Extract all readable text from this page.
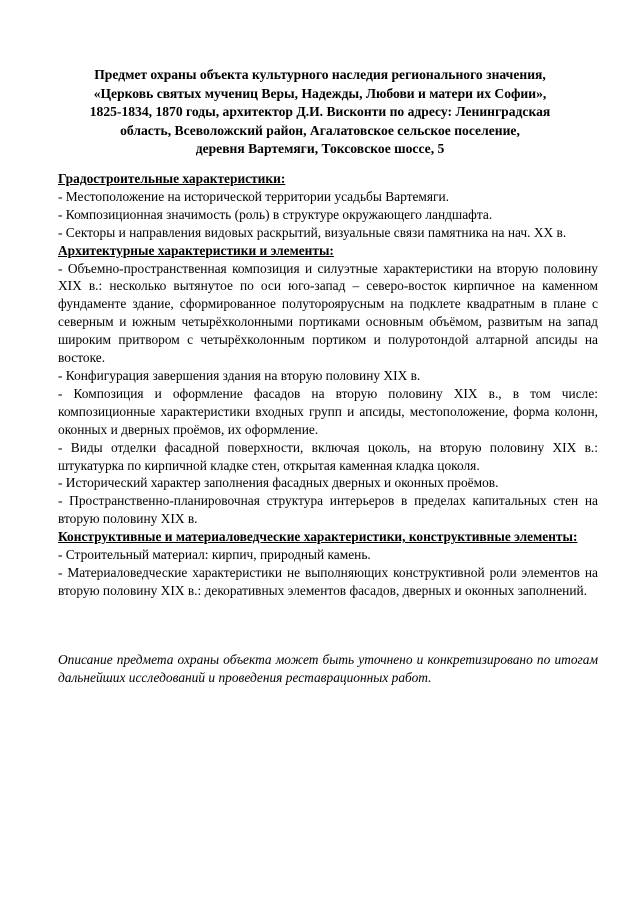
Предмет охраны объекта культурного наследия регионального значения,
«Церковь святых мучениц Веры, Надежды, Любови и матери их Софии»,
1825-1834, 1870 годы, архитектор Д.И. Висконти по адресу: Ленинградская
область, Всеволожский район, Агалатовское сельское поселение,
деревня Вартемяги, Токсовское шоссе, 5

Градостроительные характеристики:

- Местоположение на исторической территории усадьбы Вартемяги.

- Композиционная значимость (роль) в структуре окружающего ландшафта.

- Секторы и направления видовых раскрытий, визуальные связи памятника на нач. XX в.

Архитектурные характеристики и элементы:

- Объемно-пространственная композиция и силуэтные характеристики на вторую половину XIX в.: несколько вытянутое по оси юго-запад – северо-восток кирпичное на каменном фундаменте здание, сформированное полутороярусным на подклете квадратным в плане с северным и южным четырёхколонными портиками основным объёмом, развитым на запад широким притвором с четырёхколонным портиком и полуротондой алтарной апсиды на востоке.

- Конфигурация завершения здания на вторую половину XIX в.

- Композиция и оформление фасадов на вторую половину XIX в., в том числе: композиционные характеристики входных групп и апсиды, местоположение, форма колонн, оконных и дверных проёмов, их оформление.

- Виды отделки фасадной поверхности, включая цоколь, на вторую половину XIX в.: штукатурка по кирпичной кладке стен, открытая каменная кладка цоколя.

- Исторический характер заполнения фасадных дверных и оконных проёмов.

- Пространственно-планировочная структура интерьеров в пределах капитальных стен на вторую половину XIX в.

Конструктивные и материаловедческие характеристики, конструктивные элементы:

- Строительный материал: кирпич, природный камень.

- Материаловедческие характеристики не выполняющих конструктивной роли элементов на вторую половину XIX в.: декоративных элементов фасадов, дверных и оконных заполнений.

Описание предмета охраны объекта может быть уточнено и конкретизировано по итогам дальнейших исследований и проведения реставрационных работ.
